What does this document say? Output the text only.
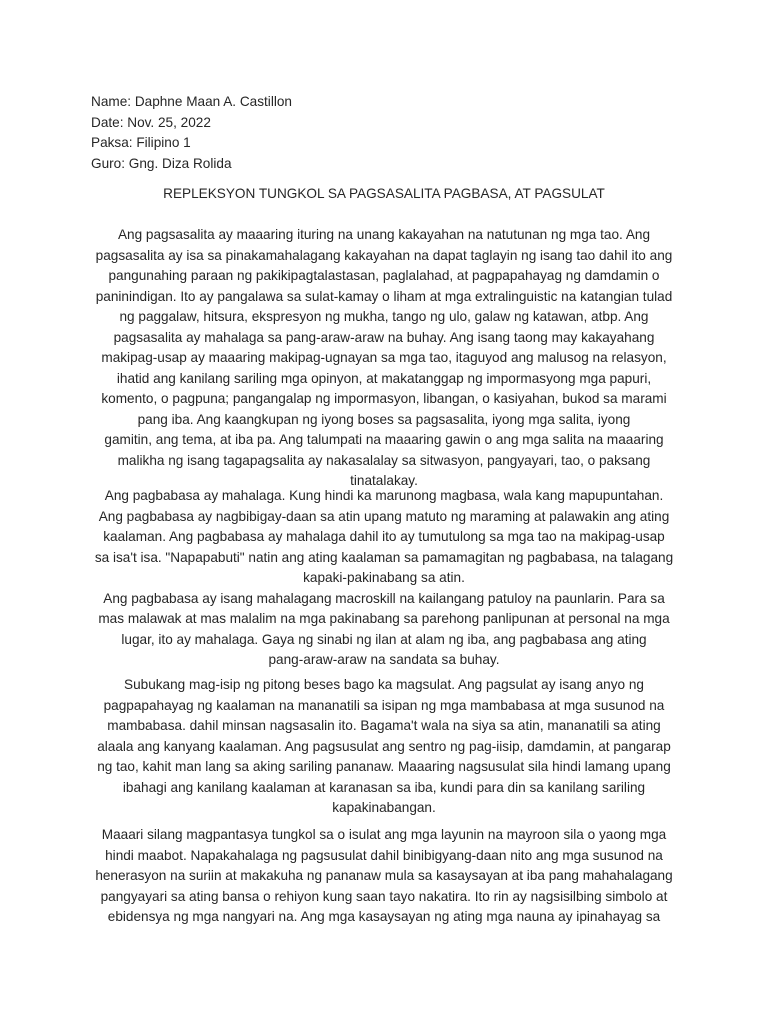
Name: Daphne Maan A. Castillon
Date: Nov. 25, 2022
Paksa: Filipino 1
Guro: Gng. Diza Rolida
REPLEKSYON TUNGKOL SA PAGSASALITA PAGBASA, AT PAGSULAT
Ang pagsasalita ay maaaring ituring na unang kakayahan na natutunan ng mga tao. Ang
pagsasalita ay isa sa pinakamahalagang kakayahan na dapat taglayin ng isang tao dahil ito ang
pangunahing paraan ng pakikipagtalastasan, paglalahad, at pagpapahayag ng damdamin o
paninindigan. Ito ay pangalawa sa sulat-kamay o liham at mga extralinguistic na katangian tulad
ng paggalaw, hitsura, ekspresyon ng mukha, tango ng ulo, galaw ng katawan, atbp. Ang
pagsasalita ay mahalaga sa pang-araw-araw na buhay. Ang isang taong may kakayahang
makipag-usap ay maaaring makipag-ugnayan sa mga tao, itaguyod ang malusog na relasyon,
ihatid ang kanilang sariling mga opinyon, at makatanggap ng impormasyong mga papuri,
komento, o pagpuna; pangangalap ng impormasyon, libangan, o kasiyahan, bukod sa marami
pang iba. Ang kaangkupan ng iyong boses sa pagsasalita, iyong mga salita, iyong
gamitin, ang tema, at iba pa. Ang talumpati na maaaring gawin o ang mga salita na maaaring
malikha ng isang tagapagsalita ay nakasalalay sa sitwasyon, pangyayari, tao, o paksang
tinatalakay.
Ang pagbabasa ay mahalaga. Kung hindi ka marunong magbasa, wala kang mapupuntahan.
Ang pagbabasa ay nagbibigay-daan sa atin upang matuto ng maraming at palawakin ang ating
kaalaman. Ang pagbabasa ay mahalaga dahil ito ay tumutulong sa mga tao na makipag-usap
sa isa't isa. "Napapabuti" natin ang ating kaalaman sa pamamagitan ng pagbabasa, na talagang
kapaki-pakinabang sa atin.
Ang pagbabasa ay isang mahalagang macroskill na kailangang patuloy na paunlarin. Para sa
mas malawak at mas malalim na mga pakinabang sa parehong panlipunan at personal na mga
lugar, ito ay mahalaga. Gaya ng sinabi ng ilan at alam ng iba, ang pagbabasa ang ating
pang-araw-araw na sandata sa buhay.
Subukang mag-isip ng pitong beses bago ka magsulat. Ang pagsulat ay isang anyo ng
pagpapahayag ng kaalaman na mananatili sa isipan ng mga mambabasa at mga susunod na
mambabasa. dahil minsan nagsasalin ito. Bagama't wala na siya sa atin, mananatili sa ating
alaala ang kanyang kaalaman. Ang pagsusulat ang sentro ng pag-iisip, damdamin, at pangarap
ng tao, kahit man lang sa aking sariling pananaw. Maaaring nagsusulat sila hindi lamang upang
ibahagi ang kanilang kaalaman at karanasan sa iba, kundi para din sa kanilang sariling
kapakinabangan.
Maaari silang magpantasya tungkol sa o isulat ang mga layunin na mayroon sila o yaong mga
hindi maabot. Napakahalaga ng pagsusulat dahil binibigyang-daan nito ang mga susunod na
henerasyon na suriin at makakuha ng pananaw mula sa kasaysayan at iba pang mahahalagang
pangyayari sa ating bansa o rehiyon kung saan tayo nakatira. Ito rin ay nagsisilbing simbolo at
ebidensya ng mga nangyari na. Ang mga kasaysayan ng ating mga nauna ay ipinahayag sa
